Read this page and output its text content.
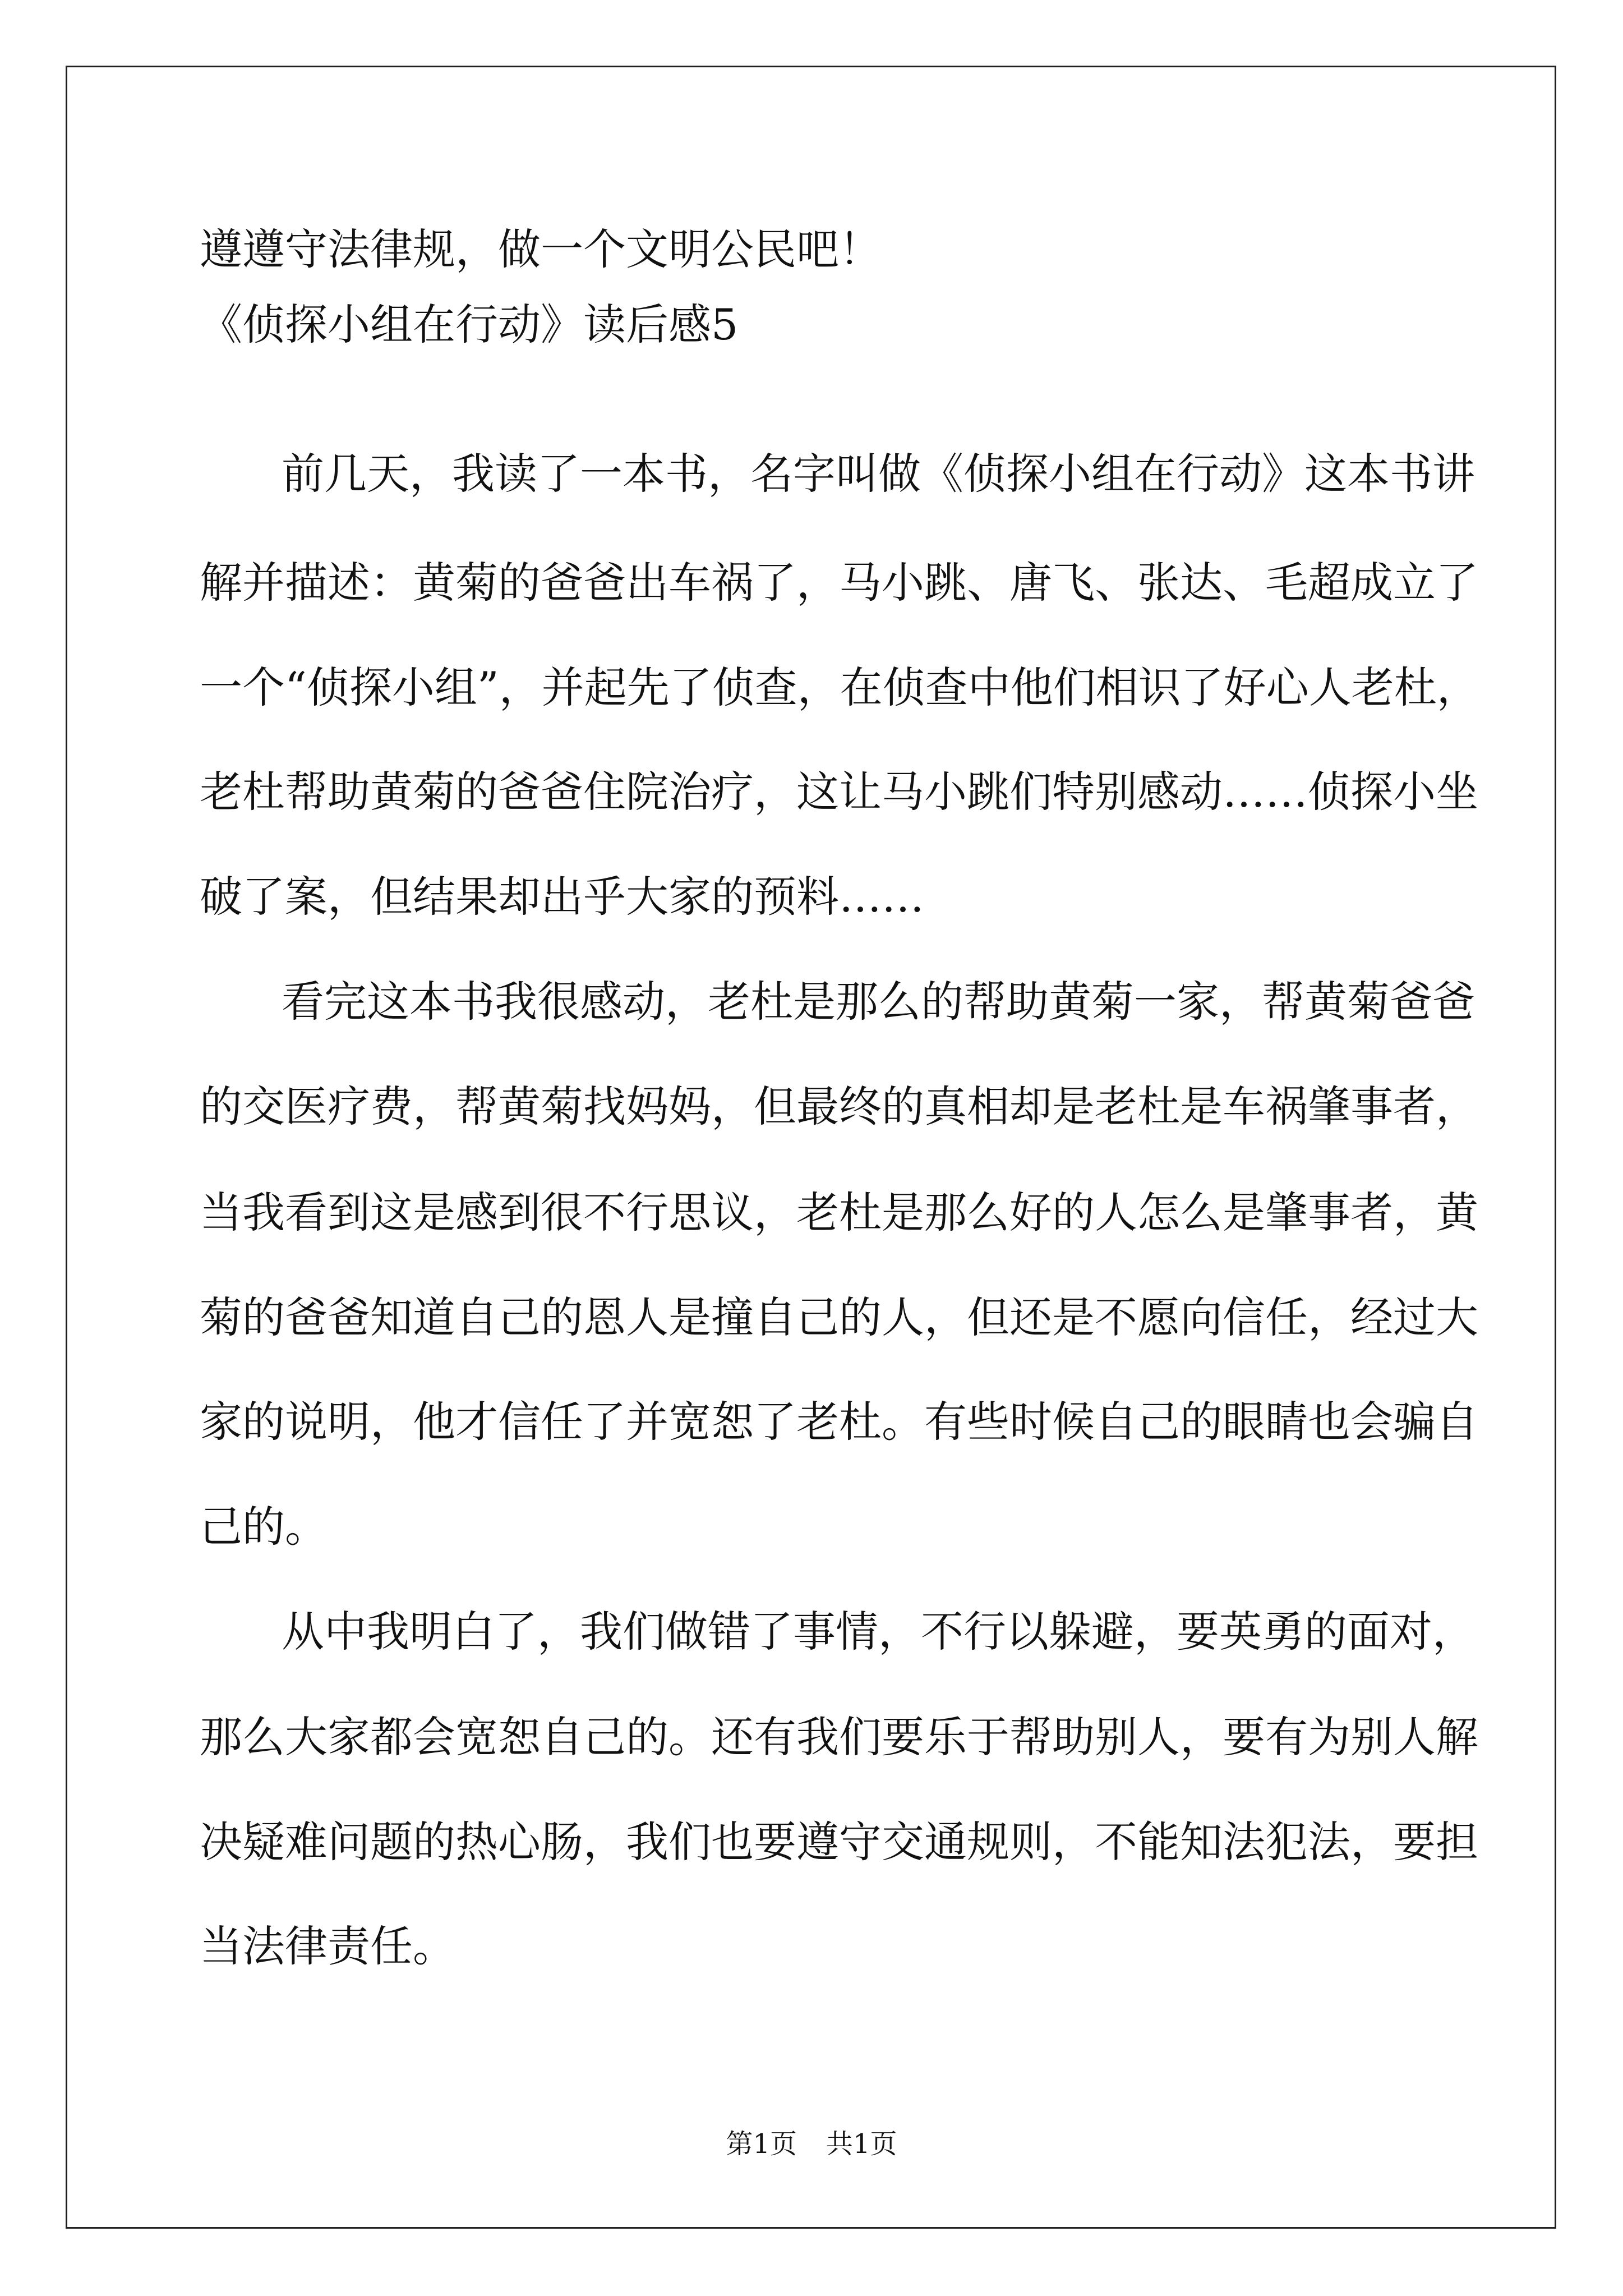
遵遵守法律规，做一个文明公民吧！
《侦探小组在行动》读后感5
前几天，我读了一本书，名字叫做《侦探小组在行动》这本书讲
解并描述：黄菊的爸爸出车祸了，马小跳、唐飞、张达、毛超成立了
一个“侦探小组”，并起先了侦查，在侦查中他们相识了好心人老杜，
老杜帮助黄菊的爸爸住院治疗，这让马小跳们特别感动……侦探小坐
破了案，但结果却出乎大家的预料……
看完这本书我很感动，老杜是那么的帮助黄菊一家，帮黄菊爸爸
的交医疗费，帮黄菊找妈妈，但最终的真相却是老杜是车祸肇事者，
当我看到这是感到很不行思议，老杜是那么好的人怎么是肇事者，黄
菊的爸爸知道自己的恩人是撞自己的人，但还是不愿向信任，经过大
家的说明，他才信任了并宽恕了老杜。有些时候自己的眼睛也会骗自
己的。
从中我明白了，我们做错了事情，不行以躲避，要英勇的面对，
那么大家都会宽恕自己的。还有我们要乐于帮助别人，要有为别人解
决疑难问题的热心肠，我们也要遵守交通规则，不能知法犯法，要担
当法律责任。
第1页 共1页
